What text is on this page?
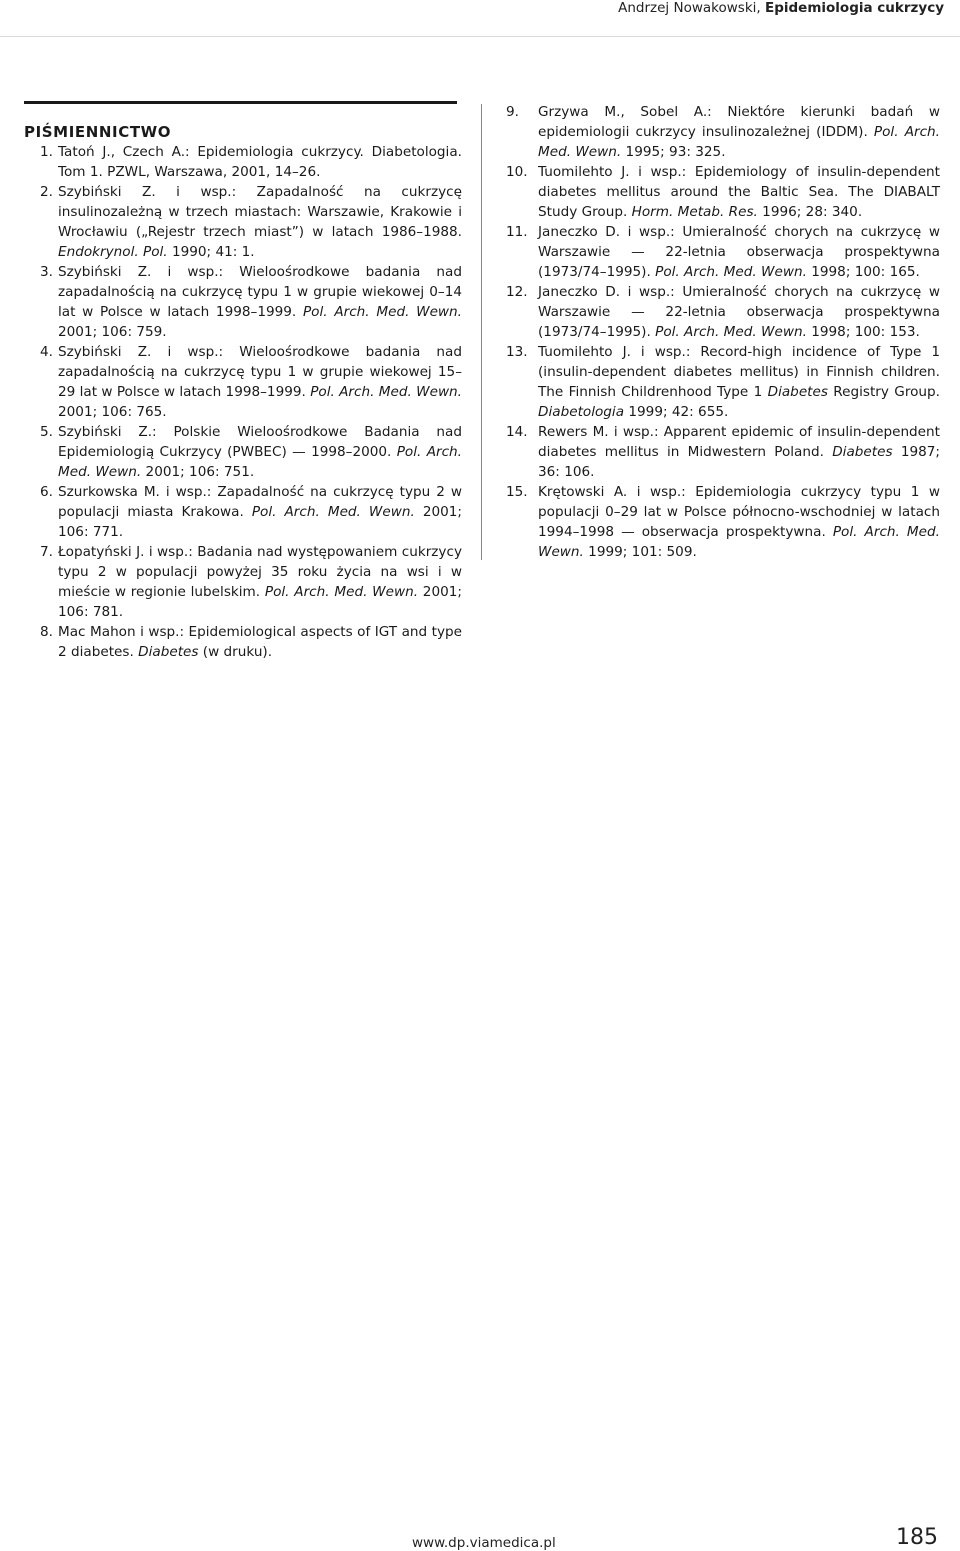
Andrzej Nowakowski, Epidemiologia cukrzycy
PIŚMIENNICTWO
1. Tatoń J., Czech A.: Epidemiologia cukrzycy. Diabetologia. Tom 1. PZWL, Warszawa, 2001, 14–26.
2. Szybiński Z. i wsp.: Zapadalność na cukrzycę insulinozależną w trzech miastach: Warszawie, Krakowie i Wrocławiu („Rejestr trzech miast”) w latach 1986–1988. Endokrynol. Pol. 1990; 41: 1.
3. Szybiński Z. i wsp.: Wieloośrodkowe badania nad zapadalnością na cukrzycę typu 1 w grupie wiekowej 0–14 lat w Polsce w latach 1998–1999. Pol. Arch. Med. Wewn. 2001; 106: 759.
4. Szybiński Z. i wsp.: Wieloośrodkowe badania nad zapadalnością na cukrzycę typu 1 w grupie wiekowej 15–29 lat w Polsce w latach 1998–1999. Pol. Arch. Med. Wewn. 2001; 106: 765.
5. Szybiński Z.: Polskie Wieloośrodkowe Badania nad Epidemiologią Cukrzycy (PWBEC) — 1998–2000. Pol. Arch. Med. Wewn. 2001; 106: 751.
6. Szurkowska M. i wsp.: Zapadalność na cukrzycę typu 2 w populacji miasta Krakowa. Pol. Arch. Med. Wewn. 2001; 106: 771.
7. Łopatyński J. i wsp.: Badania nad występowaniem cukrzycy typu 2 w populacji powyżej 35 roku życia na wsi i w mieście w regionie lubelskim. Pol. Arch. Med. Wewn. 2001; 106: 781.
8. Mac Mahon i wsp.: Epidemiological aspects of IGT and type 2 diabetes. Diabetes (w druku).
9.	Grzywa M., Sobel A.: Niektóre kierunki badań w epidemiologii cukrzycy insulinozależnej (IDDM). Pol. Arch. Med. Wewn. 1995; 93: 325.
10. Tuomilehto J. i wsp.: Epidemiology of insulin-dependent diabetes mellitus around the Baltic Sea. The DIABALT Study Group. Horm. Metab. Res. 1996; 28: 340.
11. Janeczko D. i wsp.: Umieralność chorych na cukrzycę w Warszawie — 22-letnia obserwacja prospektywna (1973/74–1995). Pol. Arch. Med. Wewn. 1998; 100: 165.
12. Janeczko D. i wsp.: Umieralność chorych na cukrzycę w Warszawie — 22-letnia obserwacja prospektywna (1973/74–1995). Pol. Arch. Med. Wewn. 1998; 100: 153.
13. Tuomilehto J. i wsp.: Record-high incidence of Type 1 (insulin-dependent diabetes mellitus) in Finnish children. The Finnish Childrenhood Type 1 Diabetes Registry Group. Diabetologia 1999; 42: 655.
14. Rewers M. i wsp.: Apparent epidemic of insulin-dependent diabetes mellitus in Midwestern Poland. Diabetes 1987; 36: 106.
15. Krętowski A. i wsp.: Epidemiologia cukrzycy typu 1 w populacji 0–29 lat w Polsce północno-wschodniej w latach 1994–1998 — obserwacja prospektywna. Pol. Arch. Med. Wewn. 1999; 101: 509.
www.dp.viamedica.pl	185
